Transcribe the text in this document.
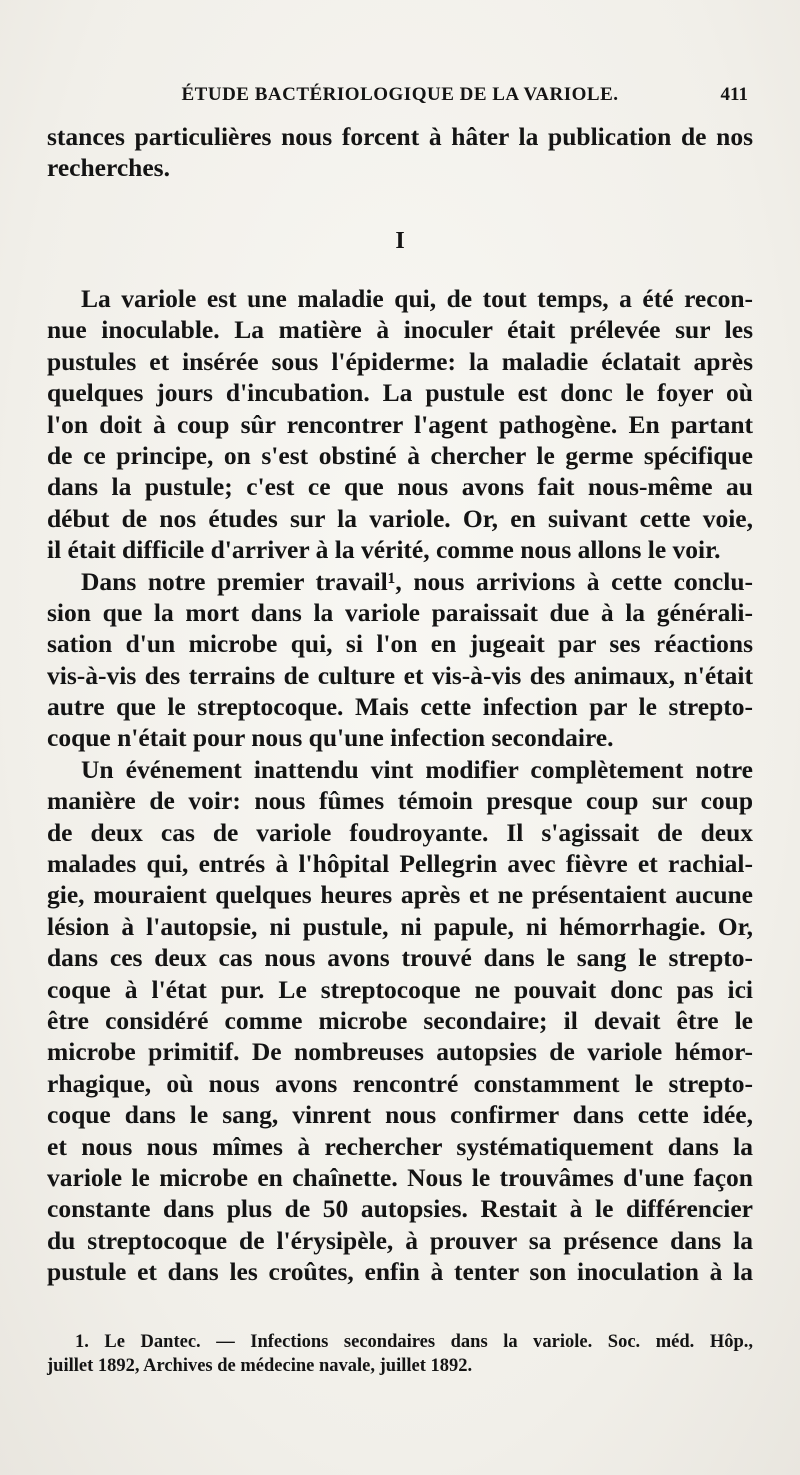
ÉTUDE BACTÉRIOLOGIQUE DE LA VARIOLE.	411
stances particulières nous forcent à hâter la publication de nos
recherches.
I
La variole est une maladie qui, de tout temps, a été recon-
nue inoculable. La matière à inoculer était prélevée sur les
pustules et insérée sous l'épiderme: la maladie éclatait après
quelques jours d'incubation. La pustule est donc le foyer où
l'on doit à coup sûr rencontrer l'agent pathogène. En partant
de ce principe, on s'est obstiné à chercher le germe spécifique
dans la pustule; c'est ce que nous avons fait nous-même au
début de nos études sur la variole. Or, en suivant cette voie,
il était difficile d'arriver à la vérité, comme nous allons le voir.
Dans notre premier travail¹, nous arrivions à cette conclu-
sion que la mort dans la variole paraissait due à la générali-
sation d'un microbe qui, si l'on en jugeait par ses réactions
vis-à-vis des terrains de culture et vis-à-vis des animaux, n'était
autre que le streptocoque. Mais cette infection par le strepto-
coque n'était pour nous qu'une infection secondaire.
Un événement inattendu vint modifier complètement notre
manière de voir: nous fûmes témoin presque coup sur coup
de deux cas de variole foudroyante. Il s'agissait de deux
malades qui, entrés à l'hôpital Pellegrin avec fièvre et rachial-
gie, mouraient quelques heures après et ne présentaient aucune
lésion à l'autopsie, ni pustule, ni papule, ni hémorrhagie. Or,
dans ces deux cas nous avons trouvé dans le sang le strepto-
coque à l'état pur. Le streptocoque ne pouvait donc pas ici
être considéré comme microbe secondaire; il devait être le
microbe primitif. De nombreuses autopsies de variole hémor-
rhagique, où nous avons rencontré constamment le strepto-
coque dans le sang, vinrent nous confirmer dans cette idée,
et nous nous mîmes à rechercher systématiquement dans la
variole le microbe en chaînette. Nous le trouvâmes d'une façon
constante dans plus de 50 autopsies. Restait à le différencier
du streptocoque de l'érysipèle, à prouver sa présence dans la
pustule et dans les croûtes, enfin à tenter son inoculation à la
1. Le Dantec. — Infections secondaires dans la variole. Soc. méd. Hôp.,
juillet 1892, Archives de médecine navale, juillet 1892.
